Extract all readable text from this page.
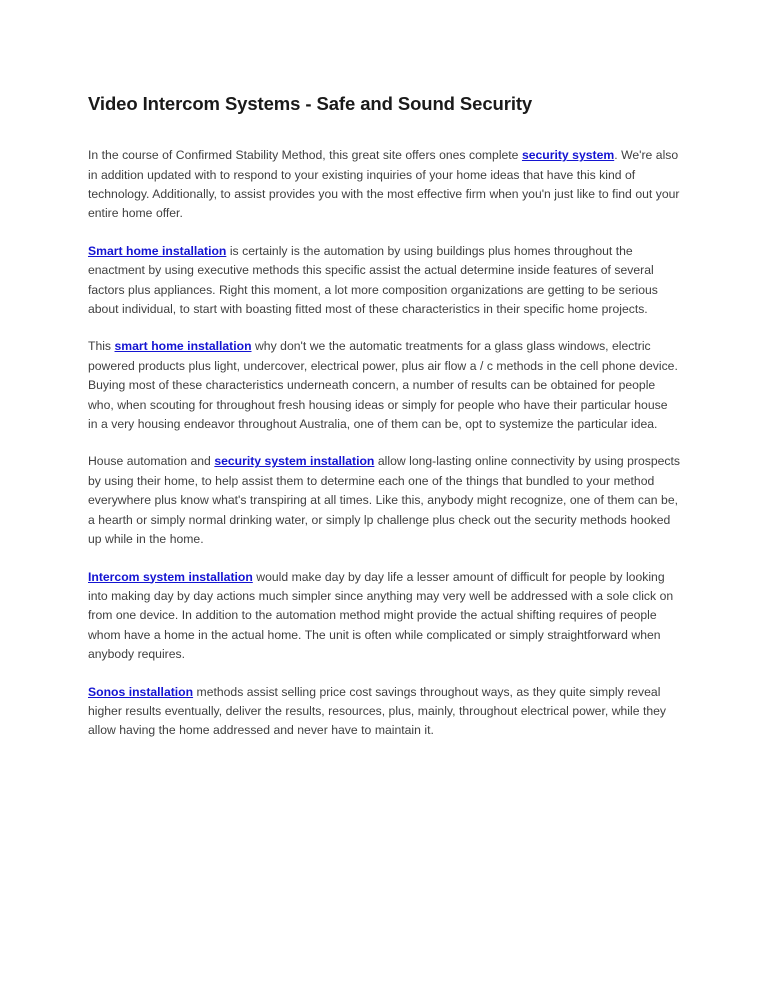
Video Intercom Systems - Safe and Sound Security

In the course of Confirmed Stability Method, this great site offers ones complete security system. We're also in addition updated with to respond to your existing inquiries of your home ideas that have this kind of technology. Additionally, to assist provides you with the most effective firm when you'n just like to find out your entire home offer.

Smart home installation is certainly is the automation by using buildings plus homes throughout the enactment by using executive methods this specific assist the actual determine inside features of several factors plus appliances. Right this moment, a lot more composition organizations are getting to be serious about individual, to start with boasting fitted most of these characteristics in their specific home projects.

This smart home installation why don't we the automatic treatments for a glass glass windows, electric powered products plus light, undercover, electrical power, plus air flow a / c methods in the cell phone device. Buying most of these characteristics underneath concern, a number of results can be obtained for people who, when scouting for throughout fresh housing ideas or simply for people who have their particular house in a very housing endeavor throughout Australia, one of them can be, opt to systemize the particular idea.

House automation and security system installation allow long-lasting online connectivity by using prospects by using their home, to help assist them to determine each one of the things that bundled to your method everywhere plus know what's transpiring at all times. Like this, anybody might recognize, one of them can be, a hearth or simply normal drinking water, or simply lp challenge plus check out the security methods hooked up while in the home.

Intercom system installation would make day by day life a lesser amount of difficult for people by looking into making day by day actions much simpler since anything may very well be addressed with a sole click on from one device. In addition to the automation method might provide the actual shifting requires of people whom have a home in the actual home. The unit is often while complicated or simply straightforward when anybody requires.

Sonos installation methods assist selling price cost savings throughout ways, as they quite simply reveal higher results eventually, deliver the results, resources, plus, mainly, throughout electrical power, while they allow having the home addressed and never have to maintain it.
